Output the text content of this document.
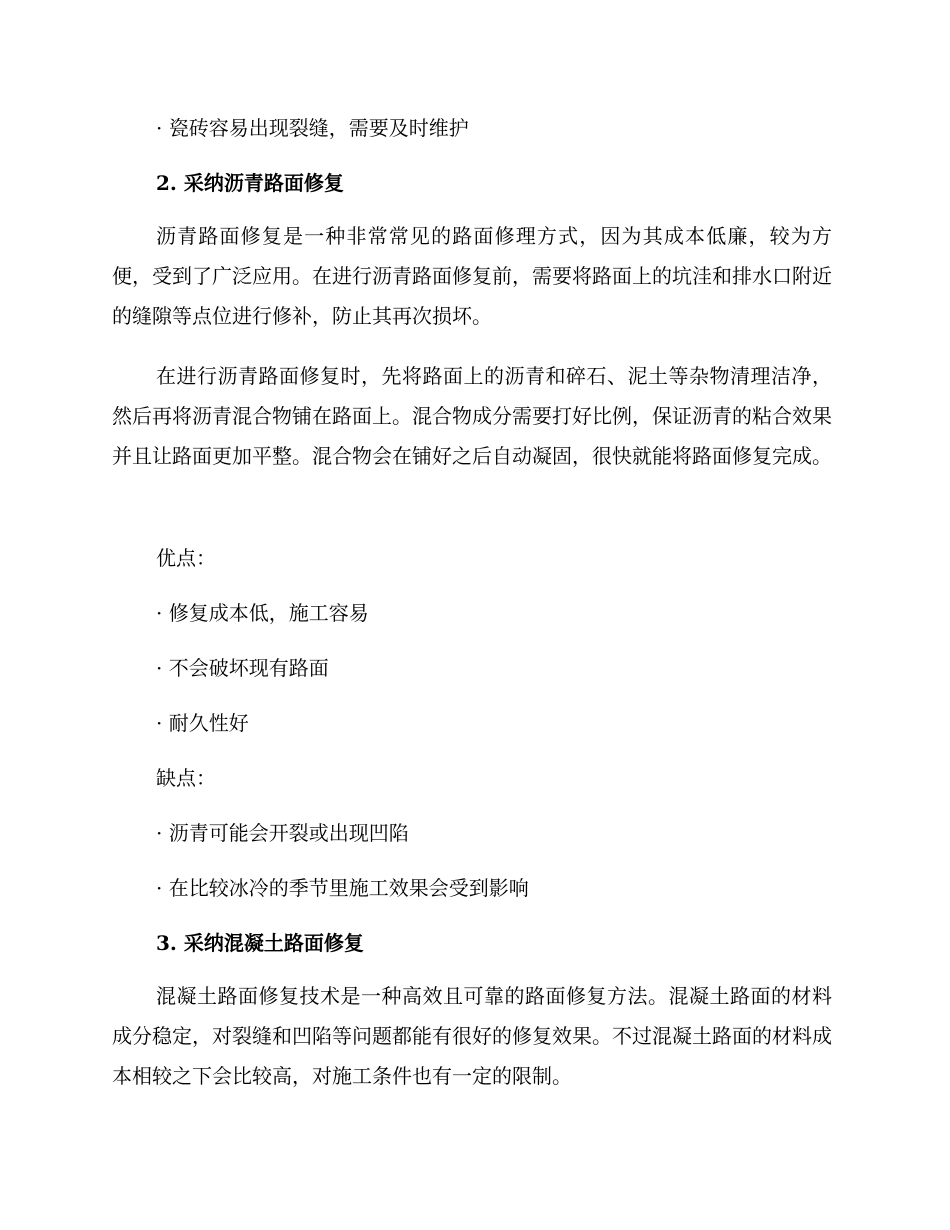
· 瓷砖容易出现裂缝，需要及时维护
2. 采纳沥青路面修复

沥青路面修复是一种非常常见的路面修理方式，因为其成本低廉，较为方便，受到了广泛应用。在进行沥青路面修复前，需要将路面上的坑洼和排水口附近的缝隙等点位进行修补，防止其再次损坏。

在进行沥青路面修复时，先将路面上的沥青和碎石、泥土等杂物清理洁净，然后再将沥青混合物铺在路面上。混合物成分需要打好比例，保证沥青的粘合效果并且让路面更加平整。混合物会在铺好之后自动凝固，很快就能将路面修复完成。

优点：
· 修复成本低，施工容易
· 不会破坏现有路面
· 耐久性好
缺点：
· 沥青可能会开裂或出现凹陷
· 在比较冰冷的季节里施工效果会受到影响
3. 采纳混凝土路面修复

混凝土路面修复技术是一种高效且可靠的路面修复方法。混凝土路面的材料成分稳定，对裂缝和凹陷等问题都能有很好的修复效果。不过混凝土路面的材料成本相较之下会比较高，对施工条件也有一定的限制。
